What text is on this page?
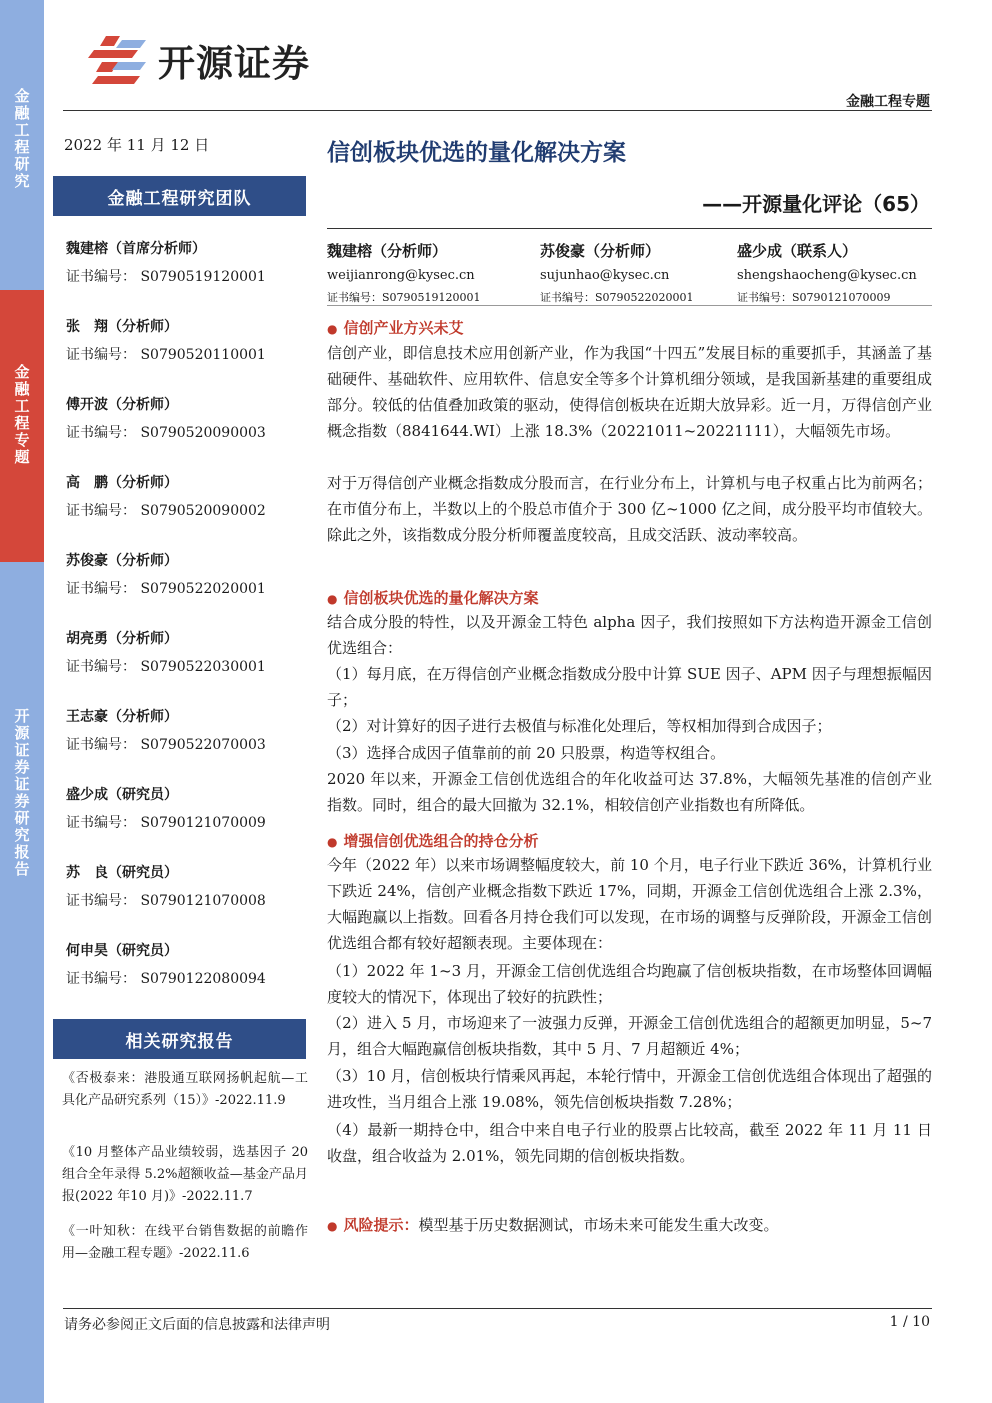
金融工程研究
金融工程专题
开源证券 证券研究报告
开源证券
金融工程专题
2022 年 11 月 12 日
金融工程研究团队
魏建榕（首席分析师）
证书编号： S0790519120001
张　翔（分析师）
证书编号： S0790520110001
傅开波（分析师）
证书编号： S0790520090003
高　鹏（分析师）
证书编号： S0790520090002
苏俊豪（分析师）
证书编号： S0790522020001
胡亮勇（分析师）
证书编号： S0790522030001
王志豪（分析师）
证书编号： S0790522070003
盛少成（研究员）
证书编号： S0790121070009
苏　良（研究员）
证书编号： S0790121070008
何申昊（研究员）
证书编号： S0790122080094
相关研究报告
《否极泰来：港股通互联网扬帆起航—工具化产品研究系列（15）》-2022.11.9
《10 月整体产品业绩较弱，选基因子 20 组合全年录得 5.2%超额收益—基金产品月报(2022 年10 月)》-2022.11.7
《一叶知秋：在线平台销售数据的前瞻作用—金融工程专题》-2022.11.6
信创板块优选的量化解决方案
——开源量化评论（65）
魏建榕（分析师）
weijianrong@kysec.cn
证书编号：S0790519120001
苏俊豪（分析师）
sujunhao@kysec.cn
证书编号：S0790522020001
盛少成（联系人）
shengshaocheng@kysec.cn
证书编号：S0790121070009
● 信创产业方兴未艾
信创产业，即信息技术应用创新产业，作为我国“十四五”发展目标的重要抓手，其涵盖了基础硬件、基础软件、应用软件、信息安全等多个计算机细分领域，是我国新基建的重要组成部分。较低的估值叠加政策的驱动，使得信创板块在近期大放异彩。近一月，万得信创产业概念指数（8841644.WI）上涨 18.3%（20221011~20221111），大幅领先市场。
对于万得信创产业概念指数成分股而言，在行业分布上，计算机与电子权重占比为前两名；在市值分布上，半数以上的个股总市值介于 300 亿~1000 亿之间，成分股平均市值较大。除此之外，该指数成分股分析师覆盖度较高，且成交活跃、波动率较高。
● 信创板块优选的量化解决方案
结合成分股的特性，以及开源金工特色 alpha 因子，我们按照如下方法构造开源金工信创优选组合：
（1）每月底，在万得信创产业概念指数成分股中计算 SUE 因子、APM 因子与理想振幅因子；
（2）对计算好的因子进行去极值与标准化处理后，等权相加得到合成因子；
（3）选择合成因子值靠前的前 20 只股票，构造等权组合。
2020 年以来，开源金工信创优选组合的年化收益可达 37.8%，大幅领先基准的信创产业指数。同时，组合的最大回撤为 32.1%，相较信创产业指数也有所降低。
● 增强信创优选组合的持仓分析
今年（2022 年）以来市场调整幅度较大，前 10 个月，电子行业下跌近 36%，计算机行业下跌近 24%，信创产业概念指数下跌近 17%，同期，开源金工信创优选组合上涨 2.3%，大幅跑赢以上指数。回看各月持仓我们可以发现，在市场的调整与反弹阶段，开源金工信创优选组合都有较好超额表现。主要体现在：
（1）2022 年 1~3 月，开源金工信创优选组合均跑赢了信创板块指数，在市场整体回调幅度较大的情况下，体现出了较好的抗跌性；
（2）进入 5 月，市场迎来了一波强力反弹，开源金工信创优选组合的超额更加明显，5~7 月，组合大幅跑赢信创板块指数，其中 5 月、7 月超额近 4%；
（3）10 月，信创板块行情乘风再起，本轮行情中，开源金工信创优选组合体现出了超强的进攻性，当月组合上涨 19.08%，领先信创板块指数 7.28%；
（4）最新一期持仓中，组合中来自电子行业的股票占比较高，截至 2022 年 11 月 11 日收盘，组合收益为 2.01%，领先同期的信创板块指数。
● 风险提示：模型基于历史数据测试，市场未来可能发生重大改变。
请务必参阅正文后面的信息披露和法律声明	1 / 10
